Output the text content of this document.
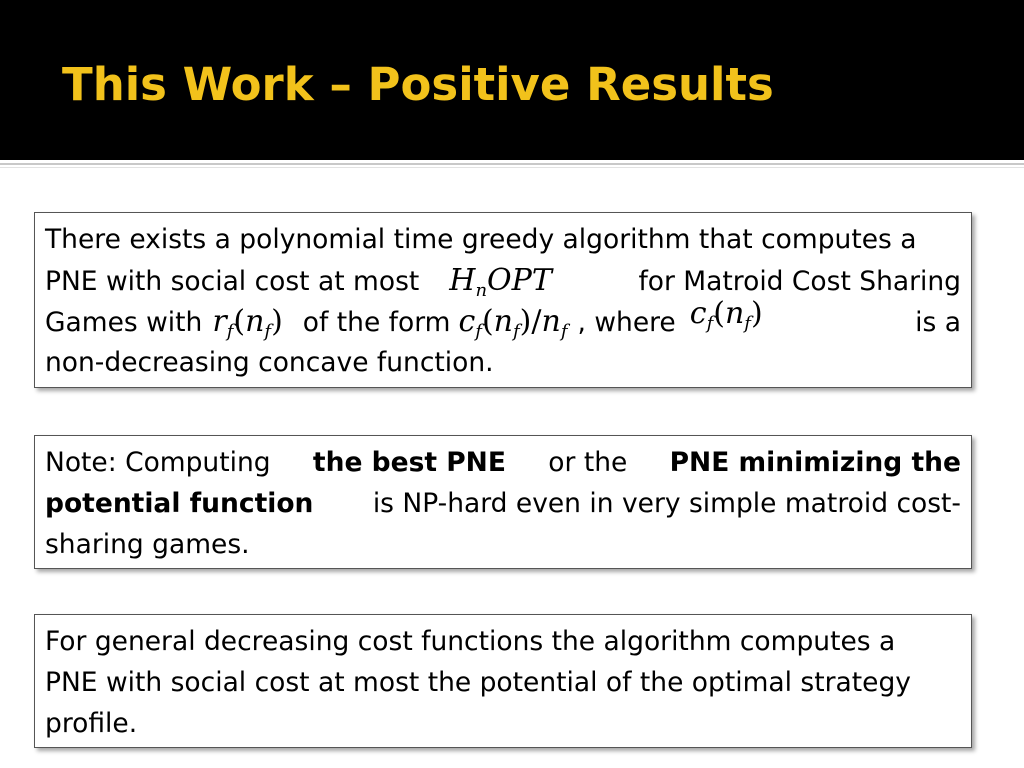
This Work – Positive Results
There exists a polynomial time greedy algorithm that computes a
PNE with social cost at most $H_nOPT$	for Matroid Cost Sharing
Games with $r_f(n_f)$ of the form $c_f(n_f)/n_f$ , where $c_f(n_f)$	is a
non-decreasing concave function.
Note: Computing the best PNE or the PNE minimizing the
potential function is NP-hard even in very simple matroid cost-
sharing games.
For general decreasing cost functions the algorithm computes a
PNE with social cost at most the potential of the optimal strategy
profile.
